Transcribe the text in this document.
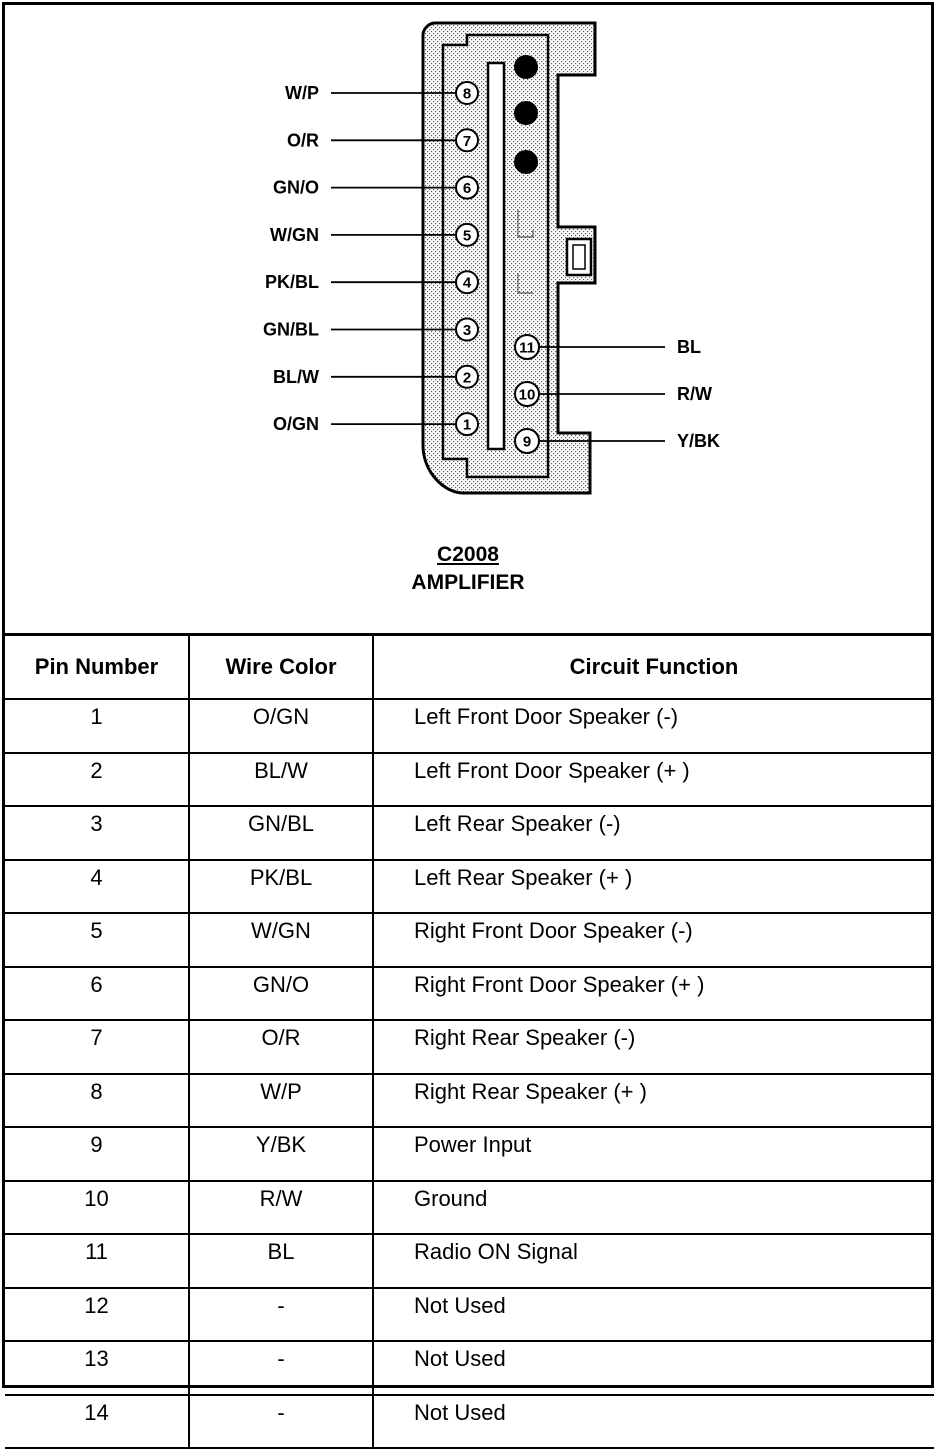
W/P	8
O/R	7
GN/O	6
W/GN	5
PK/BL	4
GN/BL	3
BL/W	2
O/GN	1
11	BL
10	R/W
9	Y/BK
C2008
AMPLIFIER
Pin Number	Wire Color	Circuit Function
1	O/GN	Left Front Door Speaker (-)
2	BL/W	Left Front Door Speaker (+ )
3	GN/BL	Left Rear Speaker (-)
4	PK/BL	Left Rear Speaker (+ )
5	W/GN	Right Front Door Speaker (-)
6	GN/O	Right Front Door Speaker (+ )
7	O/R	Right Rear Speaker (-)
8	W/P	Right Rear Speaker (+ )
9	Y/BK	Power Input
10	R/W	Ground
11	BL	Radio ON Signal
12	-	Not Used
13	-	Not Used
14	-	Not Used
